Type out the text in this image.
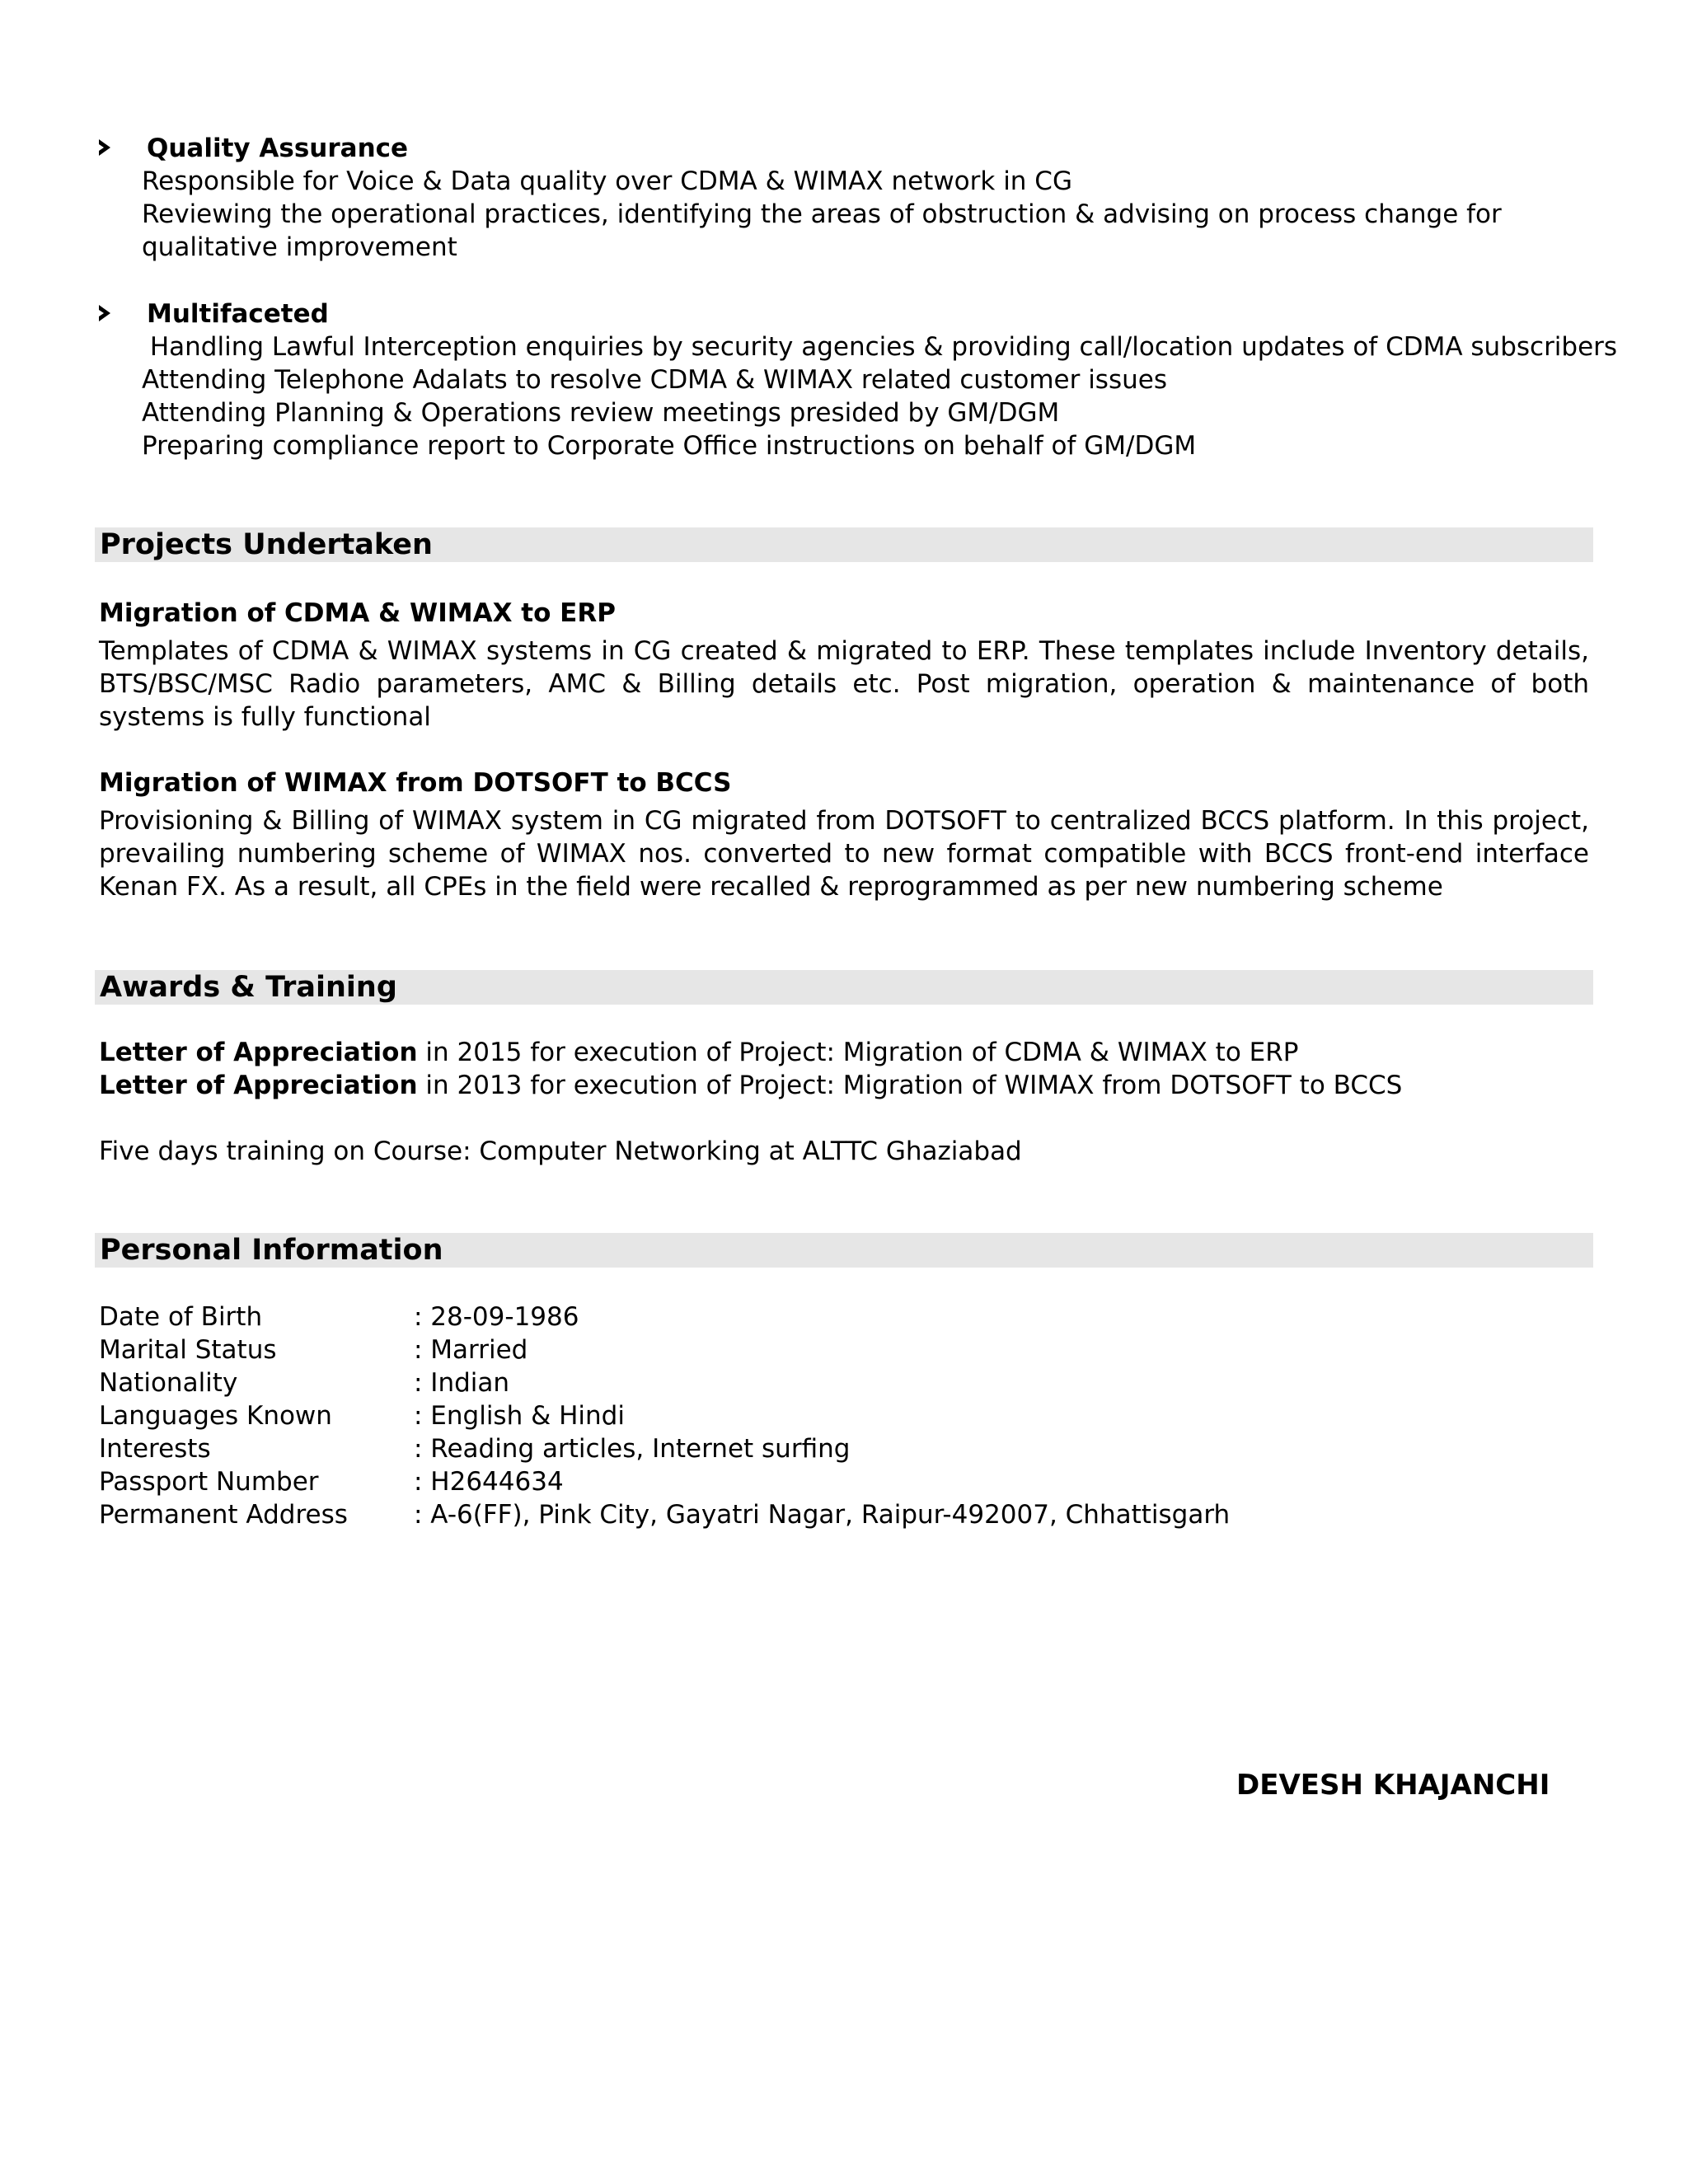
Quality Assurance
Responsible for Voice & Data quality over CDMA & WIMAX network in CG
Reviewing the operational practices, identifying the areas of obstruction & advising on process change for
qualitative improvement
Multifaceted
Handling Lawful Interception enquiries by security agencies & providing call/location updates of CDMA subscribers
Attending Telephone Adalats to resolve CDMA & WIMAX related customer issues
Attending Planning & Operations review meetings presided by GM/DGM
Preparing compliance report to Corporate Office instructions on behalf of GM/DGM
Projects Undertaken
Migration of CDMA & WIMAX to ERP
Templates of CDMA & WIMAX systems in CG created & migrated to ERP. These templates include Inventory details, BTS/BSC/MSC Radio parameters, AMC & Billing details etc. Post migration, operation & maintenance of both systems is fully functional
Migration of WIMAX from DOTSOFT to BCCS
Provisioning & Billing of WIMAX system in CG migrated from DOTSOFT to centralized BCCS platform. In this project, prevailing numbering scheme of WIMAX nos. converted to new format compatible with BCCS front-end interface Kenan FX. As a result, all CPEs in the field were recalled & reprogrammed as per new numbering scheme
Awards & Training
Letter of Appreciation in 2015 for execution of Project: Migration of CDMA & WIMAX to ERP
Letter of Appreciation in 2013 for execution of Project: Migration of WIMAX from DOTSOFT to BCCS
Five days training on Course: Computer Networking at ALTTC Ghaziabad
Personal Information
Date of Birth	: 28-09-1986
Marital Status	: Married
Nationality	: Indian
Languages Known	: English & Hindi
Interests	: Reading articles, Internet surfing
Passport Number	: H2644634
Permanent Address	: A-6(FF), Pink City, Gayatri Nagar, Raipur-492007, Chhattisgarh
DEVESH KHAJANCHI
